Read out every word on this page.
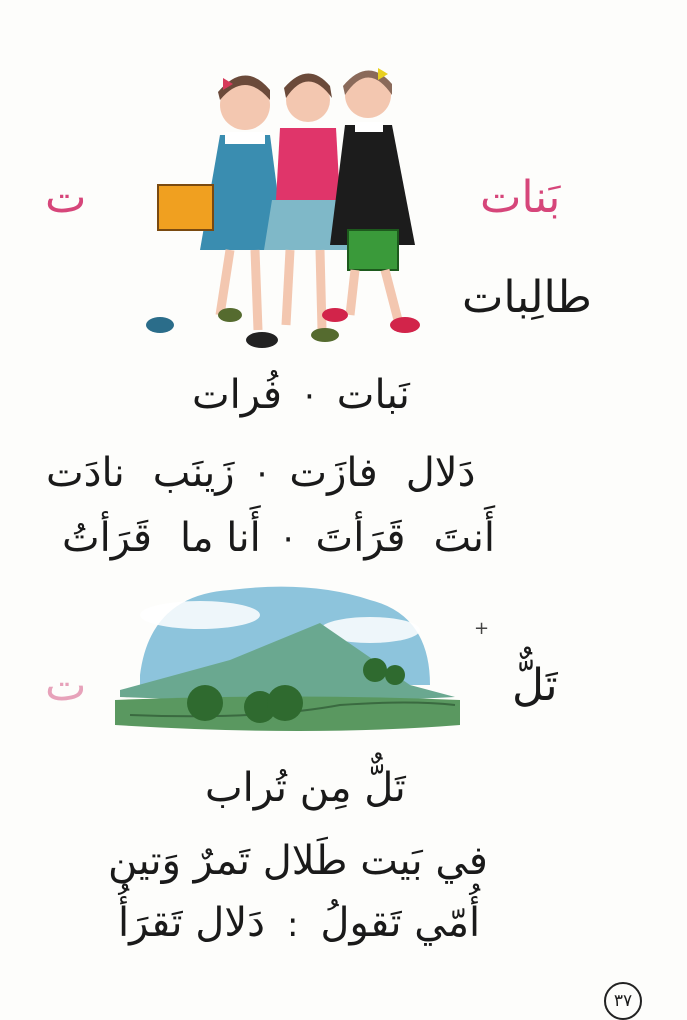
ت	بَنات
طالِبات
نَبات·فُرات
دَلالفازَت·زَينَبنادَت
أَنتَقَرَأتَ·أَنا ماقَرَأتُ
+
ت	تَلٌّ
تَلٌّ مِن تُراب
في بَيت طَلال تَمرٌ وَتين
أُمّي تَقولُ:دَلال تَقرَأُ
٣٧
